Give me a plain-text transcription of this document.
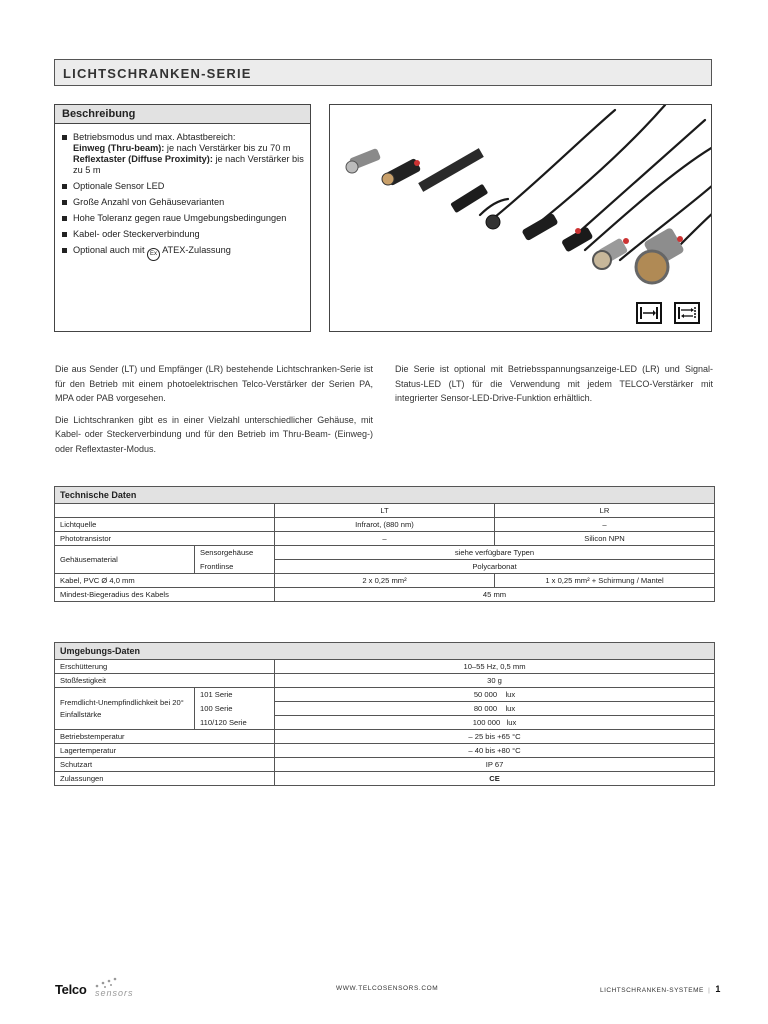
LICHTSCHRANKEN-SERIE
Beschreibung
Betriebsmodus und max. Abtastbereich:
Einweg (Thru-beam): je nach Verstärker bis zu 70 m
Reflextaster (Diffuse Proximity): je nach Verstärker bis zu 5 m
Optionale Sensor LED
Große Anzahl von Gehäusevarianten
Hohe Toleranz gegen raue Umgebungsbedingungen
Kabel- oder Steckerverbindung
Optional auch mit Ex ATEX-Zulassung

Die aus Sender (LT) und Empfänger (LR) bestehende Lichtschranken-Serie ist für den Betrieb mit einem photoelektrischen Telco-Verstärker der Serien PA, MPA oder PAB vorgesehen.

Die Lichtschranken gibt es in einer Vielzahl unterschiedlicher Gehäuse, mit Kabel- oder Steckerverbindung und für den Betrieb im Thru-Beam- (Einweg-) oder Reflextaster-Modus.

Die Serie ist optional mit Betriebsspannungsanzeige-LED (LR) und Signal-Status-LED (LT) für die Verwendung mit jedem TELCO-Verstärker mit integrierter Sensor-LED-Drive-Funktion erhältlich.

Technische Daten			
		LT	LR
Lichtquelle		Infrarot, (880 nm)	–
Phototransistor		–	Silicon NPN
Gehäusematerial	Sensorgehäuse	siehe verfügbare Typen	
	Frontlinse	Polycarbonat	
Kabel, PVC Ø 4,0 mm		2 x 0,25 mm²	1 x 0,25 mm² + Schirmung / Mantel
Mindest-Biegeradius des Kabels		45 mm	
Umgebungs-Daten		
Erschütterung		10–55 Hz, 0,5 mm
Stoßfestigkeit		30 g
Fremdlicht-Unempfindlichkeit bei 20° Einfallstärke	101 Serie	50 000    lux
	100 Serie	80 000    lux
	110/120 Serie	100 000   lux
Betriebstemperatur		– 25 bis +65 °C
Lagertemperatur		– 40 bis +80 °C
Schutzart		IP 67
Zulassungen		CE
Telco sensors	WWW.TELCOSENSORS.COM	LICHTSCHRANKEN-SYSTEME | 1
